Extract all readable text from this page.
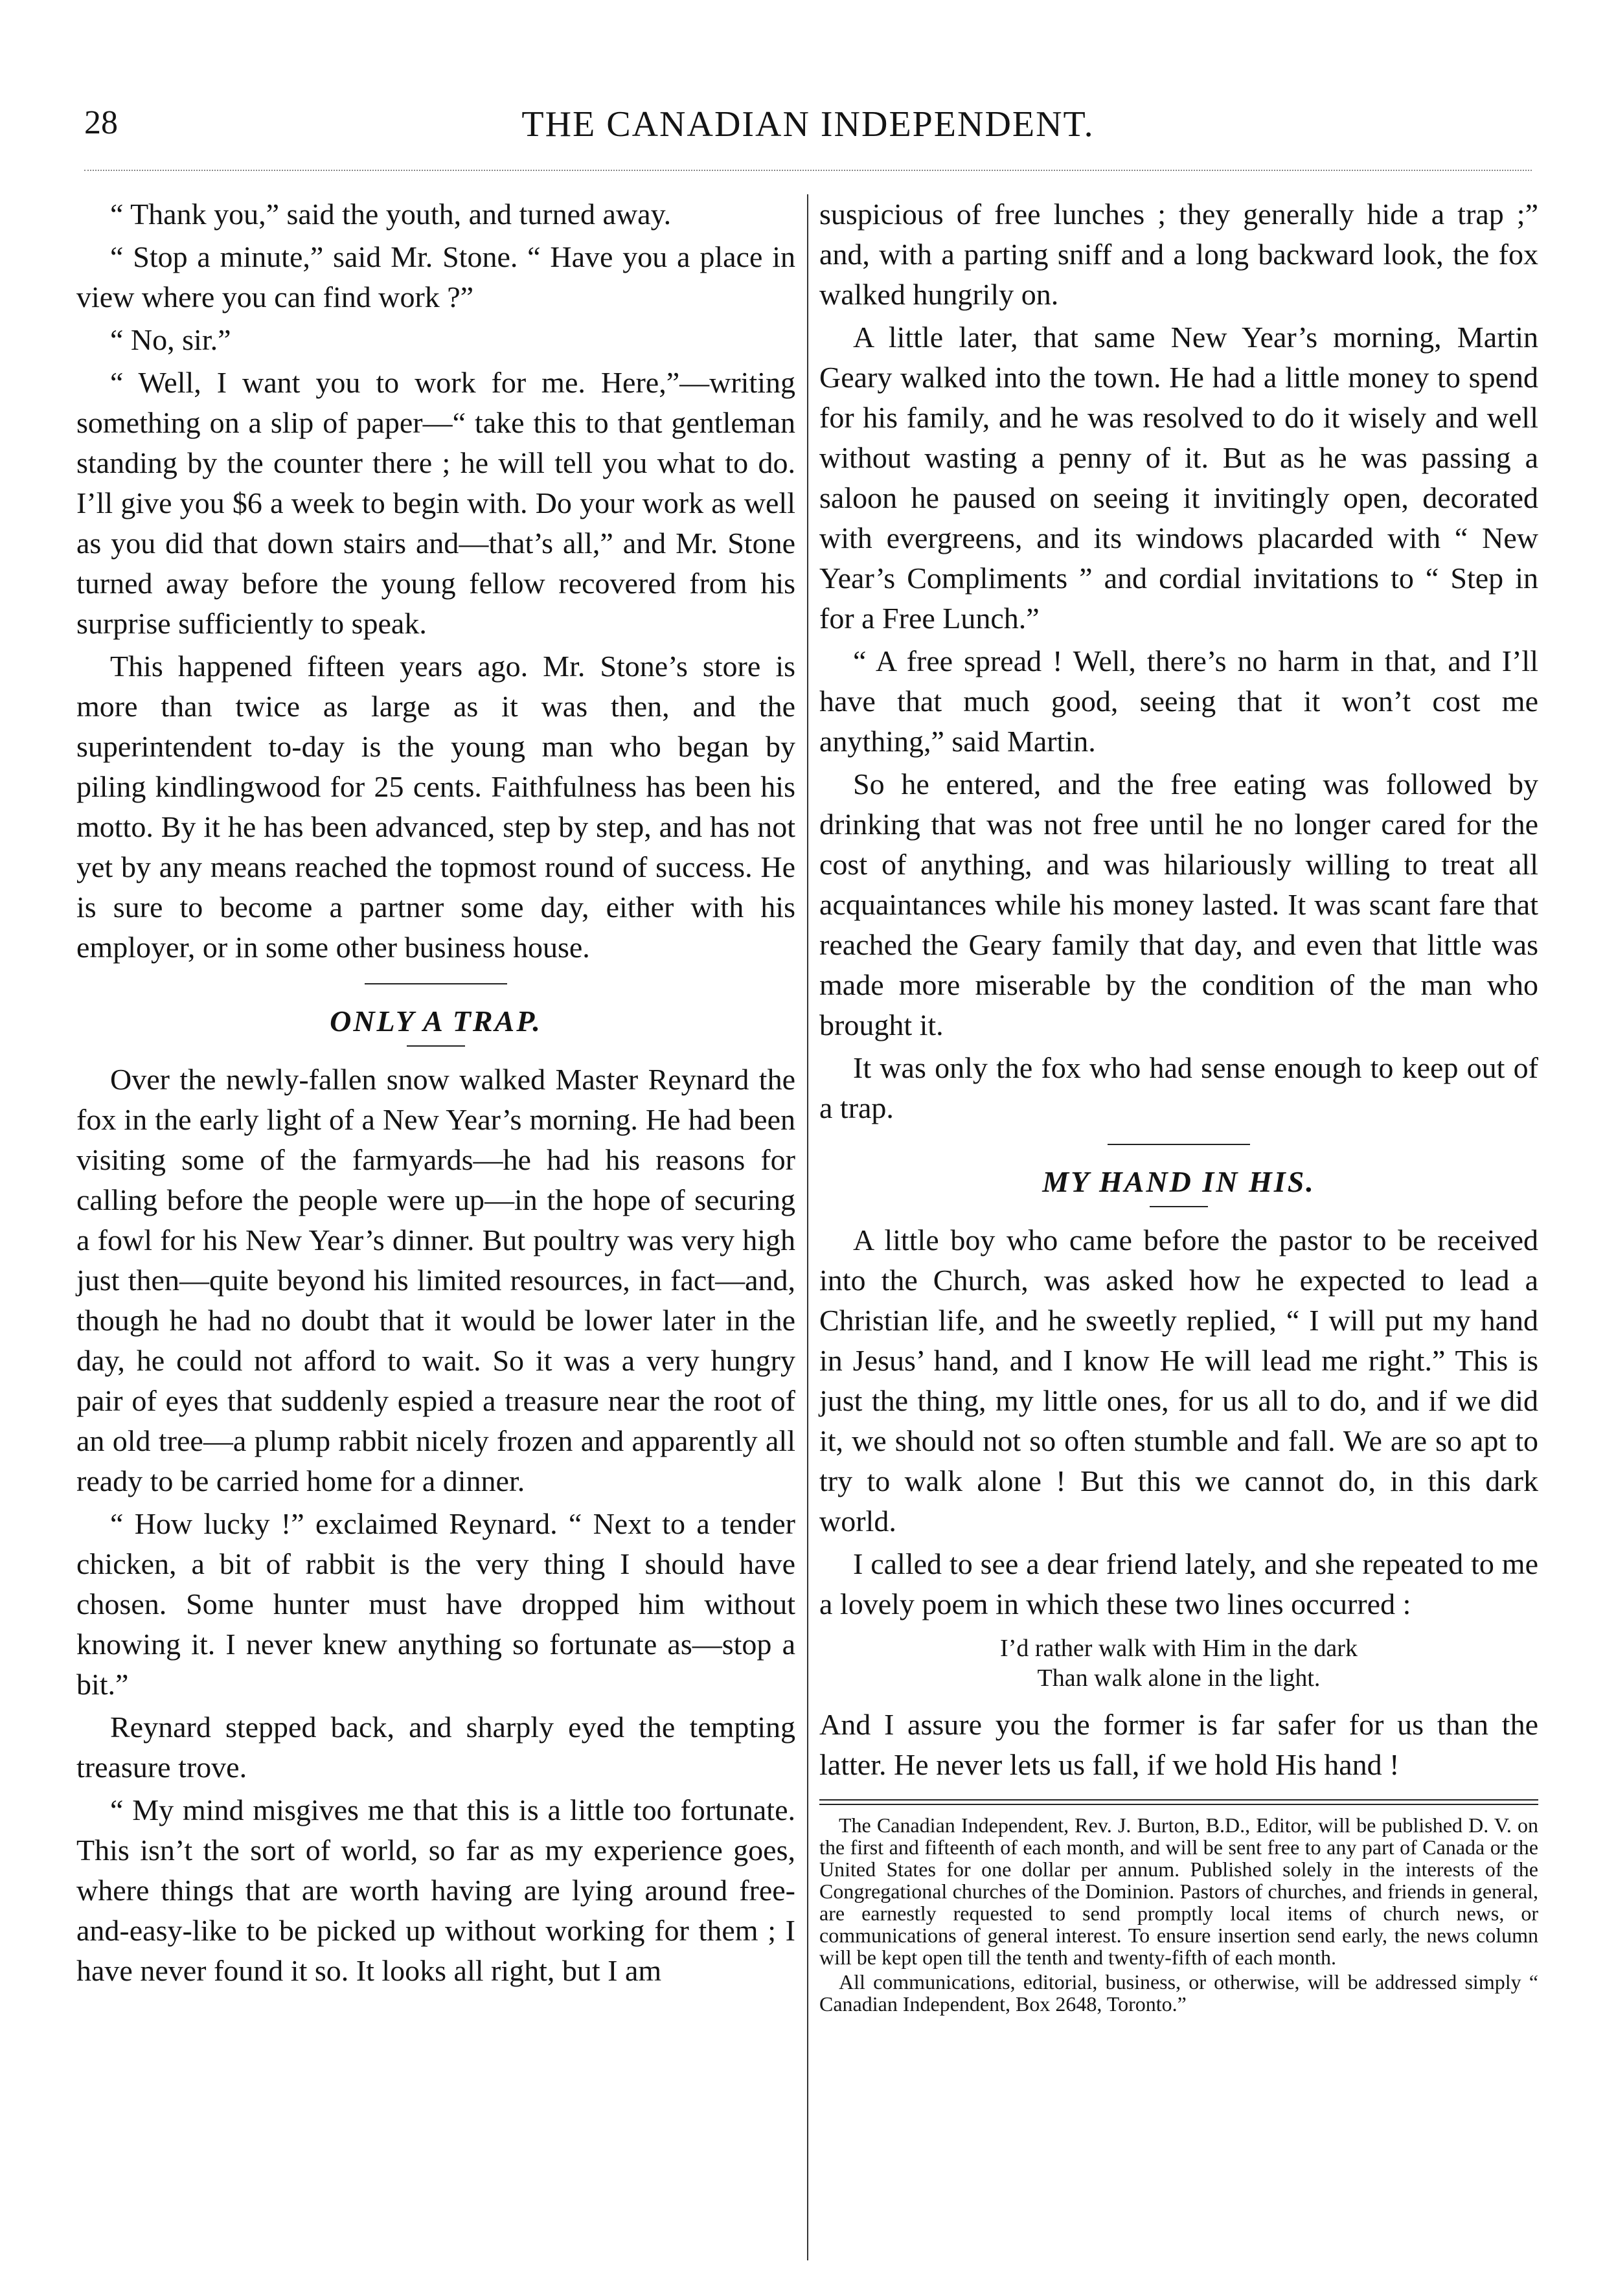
28	THE CANADIAN INDEPENDENT.

“ Thank you,” said the youth, and turned away.

“ Stop a minute,” said Mr. Stone. “ Have you a place in view where you can find work ?”

“ No, sir.”

“ Well, I want you to work for me. Here,”—writing something on a slip of paper—“ take this to that gentleman standing by the counter there ; he will tell you what to do. I’ll give you $6 a week to begin with. Do your work as well as you did that down stairs and—that’s all,” and Mr. Stone turned away before the young fellow recovered from his surprise sufficiently to speak.

This happened fifteen years ago. Mr. Stone’s store is more than twice as large as it was then, and the superintendent to-day is the young man who began by piling kindlingwood for 25 cents. Faithfulness has been his motto. By it he has been advanced, step by step, and has not yet by any means reached the topmost round of success. He is sure to become a partner some day, either with his employer, or in some other business house.

ONLY A TRAP.

Over the newly-fallen snow walked Master Reynard the fox in the early light of a New Year’s morning. He had been visiting some of the farmyards—he had his reasons for calling before the people were up—in the hope of securing a fowl for his New Year’s dinner. But poultry was very high just then—quite beyond his limited resources, in fact—and, though he had no doubt that it would be lower later in the day, he could not afford to wait. So it was a very hungry pair of eyes that suddenly espied a treasure near the root of an old tree—a plump rabbit nicely frozen and apparently all ready to be carried home for a dinner.

“ How lucky !” exclaimed Reynard. “ Next to a tender chicken, a bit of rabbit is the very thing I should have chosen. Some hunter must have dropped him without knowing it. I never knew anything so fortunate as—stop a bit.”

Reynard stepped back, and sharply eyed the tempting treasure trove.

“ My mind misgives me that this is a little too fortunate. This isn’t the sort of world, so far as my experience goes, where things that are worth having are lying around free-and-easy-like to be picked up without working for them ; I have never found it so. It looks all right, but I am

suspicious of free lunches ; they generally hide a trap ;” and, with a parting sniff and a long backward look, the fox walked hungrily on.

A little later, that same New Year’s morning, Martin Geary walked into the town. He had a little money to spend for his family, and he was resolved to do it wisely and well without wasting a penny of it. But as he was passing a saloon he paused on seeing it invitingly open, decorated with evergreens, and its windows placarded with “ New Year’s Compliments ” and cordial invitations to “ Step in for a Free Lunch.”

“ A free spread ! Well, there’s no harm in that, and I’ll have that much good, seeing that it won’t cost me anything,” said Martin.

So he entered, and the free eating was followed by drinking that was not free until he no longer cared for the cost of anything, and was hilariously willing to treat all acquaintances while his money lasted. It was scant fare that reached the Geary family that day, and even that little was made more miserable by the condition of the man who brought it.

It was only the fox who had sense enough to keep out of a trap.

MY HAND IN HIS.

A little boy who came before the pastor to be received into the Church, was asked how he expected to lead a Christian life, and he sweetly replied, “ I will put my hand in Jesus’ hand, and I know He will lead me right.” This is just the thing, my little ones, for us all to do, and if we did it, we should not so often stumble and fall. We are so apt to try to walk alone ! But this we cannot do, in this dark world.

I called to see a dear friend lately, and she repeated to me a lovely poem in which these two lines occurred :

I’d rather walk with Him in the dark
Than walk alone in the light.

And I assure you the former is far safer for us than the latter. He never lets us fall, if we hold His hand !

The Canadian Independent, Rev. J. Burton, B.D., Editor, will be published D. V. on the first and fifteenth of each month, and will be sent free to any part of Canada or the United States for one dollar per annum. Published solely in the interests of the Congregational churches of the Dominion. Pastors of churches, and friends in general, are earnestly requested to send promptly local items of church news, or communications of general interest. To ensure insertion send early, the news column will be kept open till the tenth and twenty-fifth of each month.

All communications, editorial, business, or otherwise, will be addressed simply “ Canadian Independent, Box 2648, Toronto.”
